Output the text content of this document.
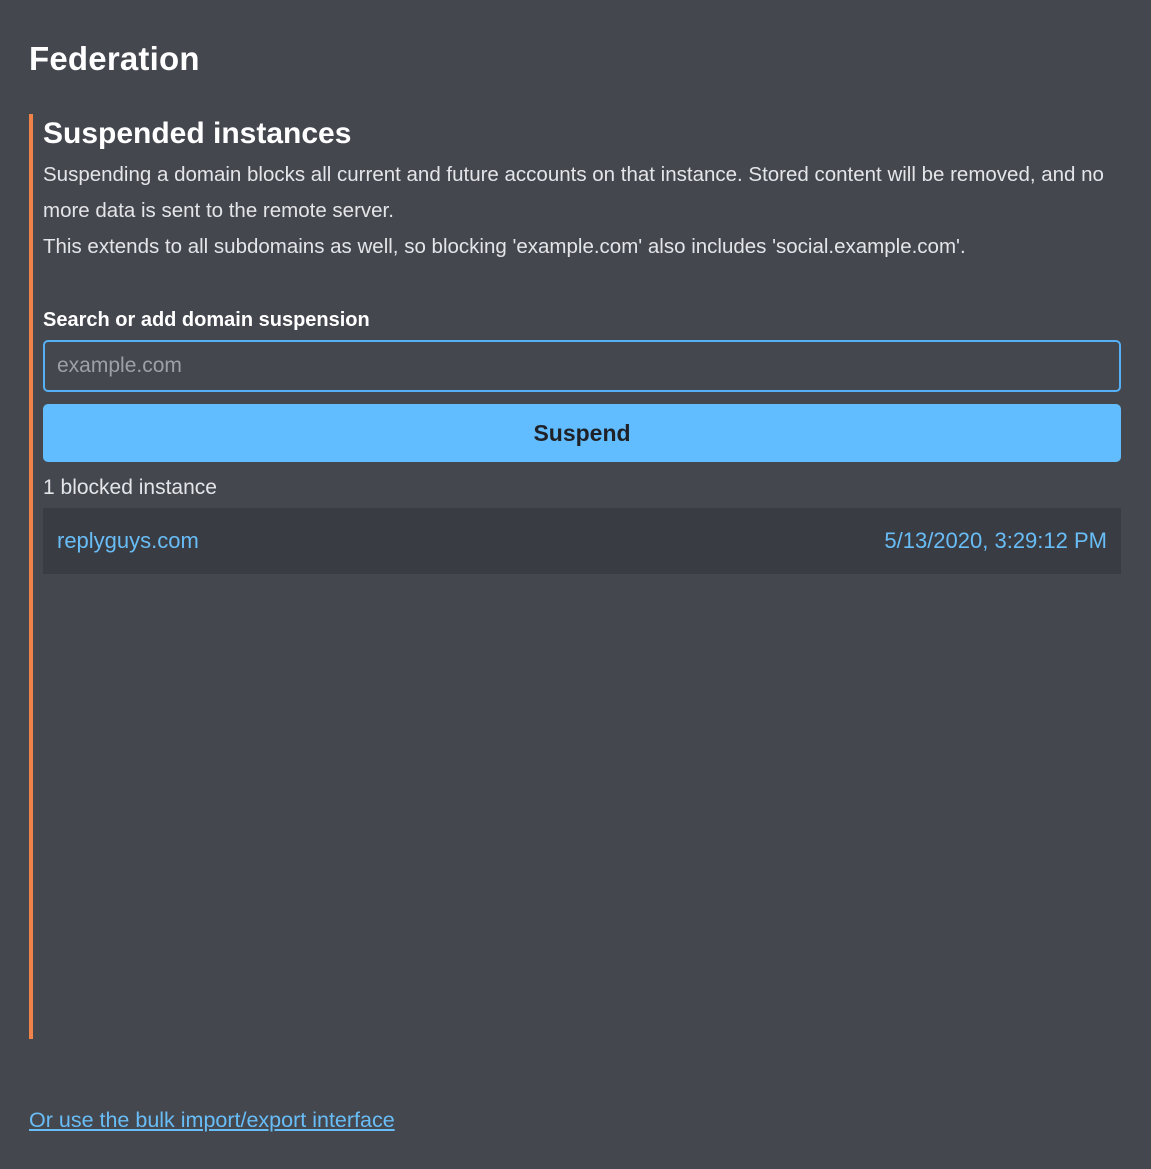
Federation
Suspended instances

Suspending a domain blocks all current and future accounts on that instance. Stored content will be removed, and no more data is sent to the remote server.

This extends to all subdomains as well, so blocking 'example.com' also includes 'social.example.com'.

Search or add domain suspension
example.com
Suspend
1 blocked instance
replyguys.com	5/13/2020, 3:29:12 PM
Or use the bulk import/export interface
